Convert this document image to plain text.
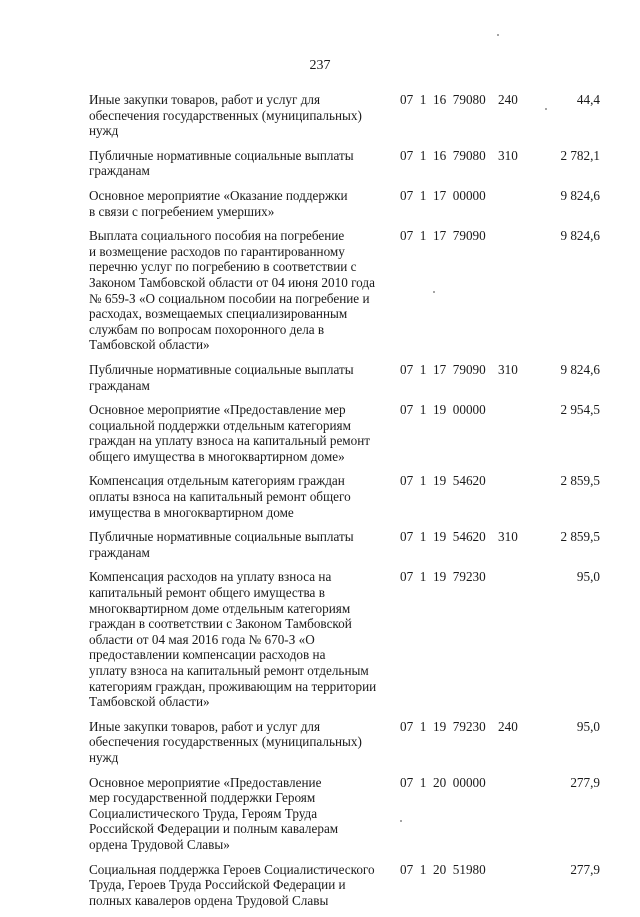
237
Иные закупки товаров, работ и услуг для
обеспечения государственных (муниципальных)
нужд
07  1  16  79080 240	44,4
Публичные нормативные социальные выплаты
гражданам
07  1  16  79080 310	2 782,1
Основное мероприятие «Оказание поддержки
в связи с погребением умерших»
07  1  17  00000	9 824,6
Выплата социального пособия на погребение
и возмещение расходов по гарантированному
перечню услуг по погребению в соответствии с
Законом Тамбовской области от 04 июня 2010 года
№ 659-З «О социальном пособии на погребение и
расходах, возмещаемых специализированным
службам по вопросам похоронного дела в
Тамбовской области»
07  1  17  79090	9 824,6
Публичные нормативные социальные выплаты
гражданам
07  1  17  79090 310	9 824,6
Основное мероприятие «Предоставление мер
социальной поддержки отдельным категориям
граждан на уплату взноса на капитальный ремонт
общего имущества в многоквартирном доме»
07  1  19  00000	2 954,5
Компенсация отдельным категориям граждан
оплаты взноса на капитальный ремонт общего
имущества в многоквартирном доме
07  1  19  54620	2 859,5
Публичные нормативные социальные выплаты
гражданам
07  1  19  54620 310	2 859,5
Компенсация расходов на уплату взноса на
капитальный ремонт общего имущества в
многоквартирном доме отдельным категориям
граждан в соответствии с Законом Тамбовской
области от 04 мая 2016 года № 670-З «О
предоставлении компенсации расходов на
уплату взноса на капитальный ремонт отдельным
категориям граждан, проживающим на территории
Тамбовской области»
07  1  19  79230	95,0
Иные закупки товаров, работ и услуг для
обеспечения государственных (муниципальных)
нужд
07  1  19  79230 240	95,0
Основное мероприятие «Предоставление
мер государственной поддержки Героям
Социалистического Труда, Героям Труда
Российской Федерации и полным кавалерам
ордена Трудовой Славы»
07  1  20  00000	277,9
Социальная поддержка Героев Социалистического
Труда, Героев Труда Российской Федерации и
полных кавалеров ордена Трудовой Славы
07  1  20  51980	277,9
